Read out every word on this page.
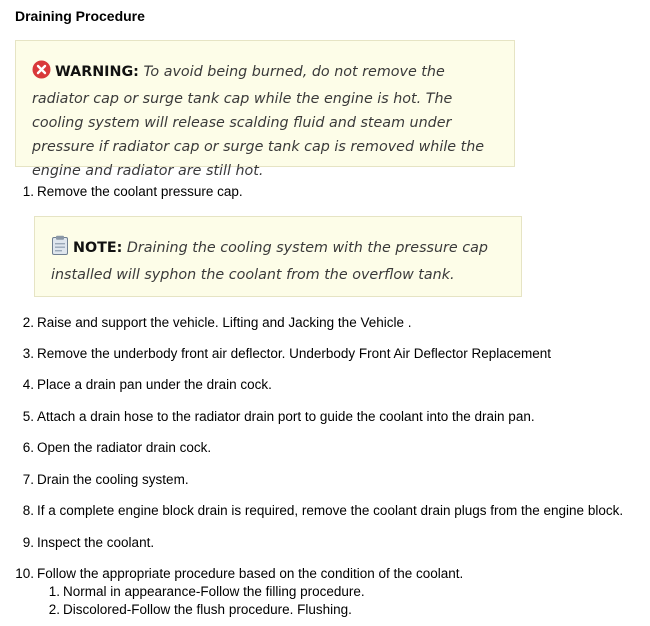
Draining Procedure
WARNING: To avoid being burned, do not remove the radiator cap or surge tank cap while the engine is hot. The cooling system will release scalding fluid and steam under pressure if radiator cap or surge tank cap is removed while the engine and radiator are still hot.
1. Remove the coolant pressure cap.
NOTE: Draining the cooling system with the pressure cap installed will syphon the coolant from the overflow tank.
2. Raise and support the vehicle. Lifting and Jacking the Vehicle .
3. Remove the underbody front air deflector. Underbody Front Air Deflector Replacement
4. Place a drain pan under the drain cock.
5. Attach a drain hose to the radiator drain port to guide the coolant into the drain pan.
6. Open the radiator drain cock.
7. Drain the cooling system.
8. If a complete engine block drain is required, remove the coolant drain plugs from the engine block.
9. Inspect the coolant.
10. Follow the appropriate procedure based on the condition of the coolant.
1. Normal in appearance-Follow the filling procedure.
2. Discolored-Follow the flush procedure. Flushing.
